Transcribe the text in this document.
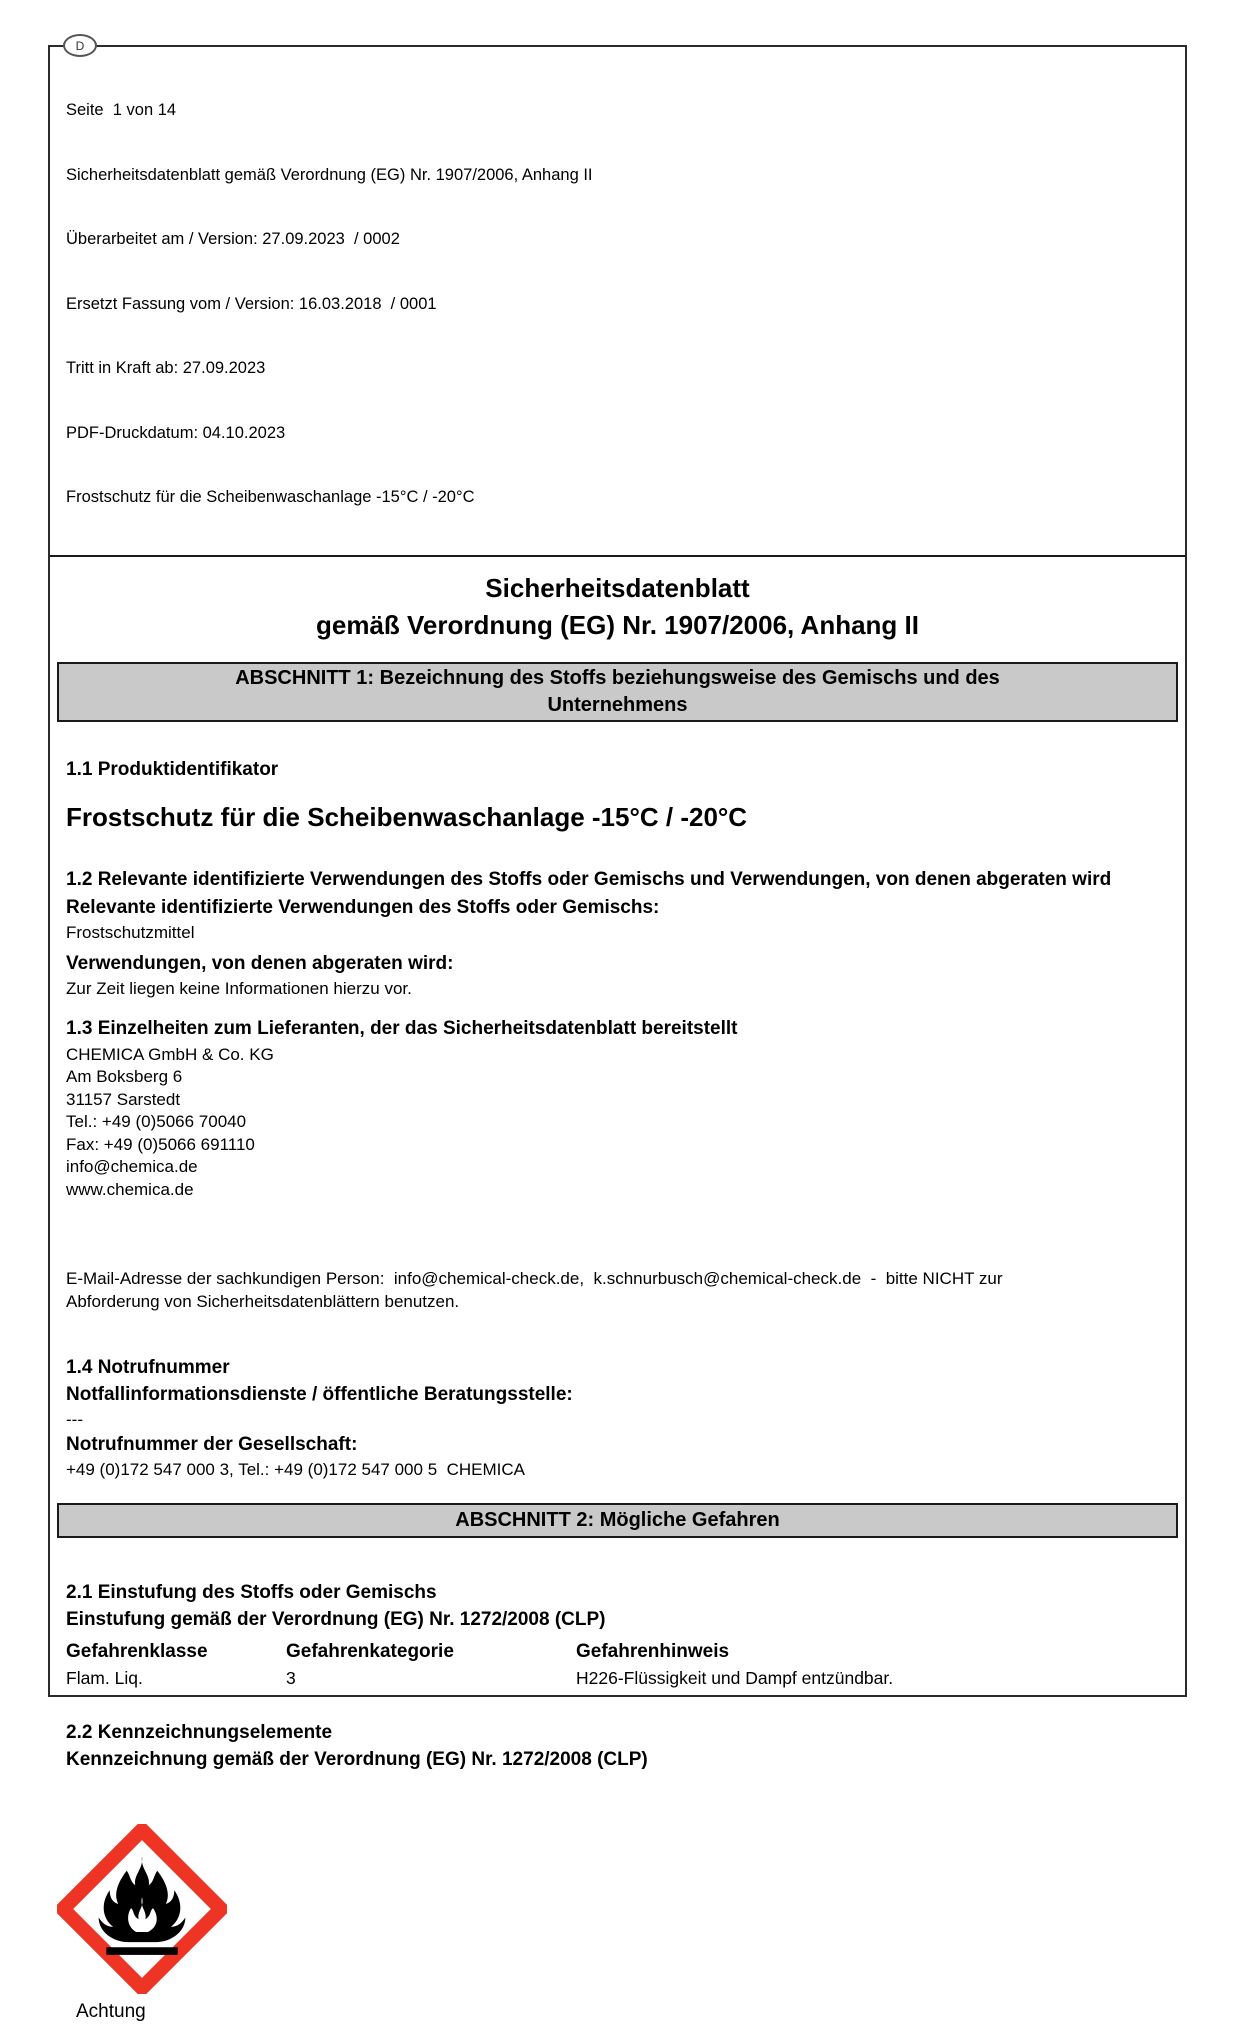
D

Seite  1 von 14

Sicherheitsdatenblatt gemäß Verordnung (EG) Nr. 1907/2006, Anhang II

Überarbeitet am / Version: 27.09.2023  / 0002

Ersetzt Fassung vom / Version: 16.03.2018  / 0001

Tritt in Kraft ab: 27.09.2023

PDF-Druckdatum: 04.10.2023

Frostschutz für die Scheibenwaschanlage -15°C / -20°C

Sicherheitsdatenblatt
gemäß Verordnung (EG) Nr. 1907/2006, Anhang II
ABSCHNITT 1: Bezeichnung des Stoffs beziehungsweise des Gemischs und des Unternehmens
1.1 Produktidentifikator
Frostschutz für die Scheibenwaschanlage -15°C / -20°C
1.2 Relevante identifizierte Verwendungen des Stoffs oder Gemischs und Verwendungen, von denen abgeraten wird
Relevante identifizierte Verwendungen des Stoffs oder Gemischs:
Frostschutzmittel
Verwendungen, von denen abgeraten wird:
Zur Zeit liegen keine Informationen hierzu vor.
1.3 Einzelheiten zum Lieferanten, der das Sicherheitsdatenblatt bereitstellt
CHEMICA GmbH & Co. KG
Am Boksberg 6
31157 Sarstedt
Tel.: +49 (0)5066 70040
Fax: +49 (0)5066 691110
info@chemica.de
www.chemica.de
E-Mail-Adresse der sachkundigen Person:  info@chemical-check.de,  k.schnurbusch@chemical-check.de  -  bitte NICHT zur Abforderung von Sicherheitsdatenblättern benutzen.
1.4 Notrufnummer
Notfallinformationsdienste / öffentliche Beratungsstelle:
---
Notrufnummer der Gesellschaft:
+49 (0)172 547 000 3, Tel.: +49 (0)172 547 000 5  CHEMICA
ABSCHNITT 2: Mögliche Gefahren
2.1 Einstufung des Stoffs oder Gemischs
Einstufung gemäß der Verordnung (EG) Nr. 1272/2008 (CLP)
Gefahrenklasse	Gefahrenkategorie	Gefahrenhinweis
Flam. Liq.	3	H226-Flüssigkeit und Dampf entzündbar.
2.2 Kennzeichnungselemente
Kennzeichnung gemäß der Verordnung (EG) Nr. 1272/2008 (CLP)
Achtung
